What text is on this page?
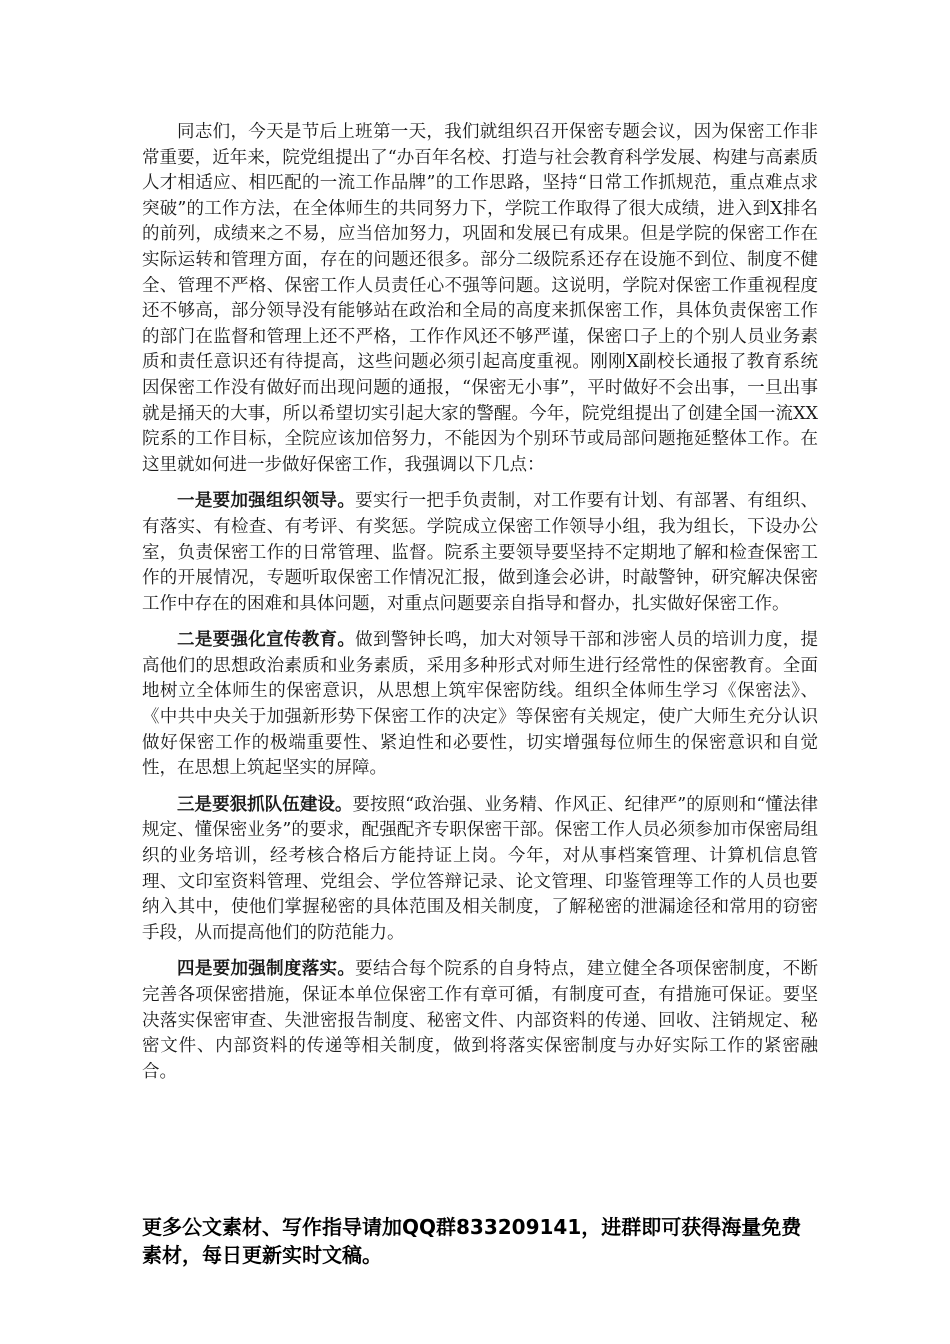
同志们，今天是节后上班第一天，我们就组织召开保密专题会议，因为保密工作非常重要，近年来，院党组提出了“办百年名校、打造与社会教育科学发展、构建与高素质人才相适应、相匹配的一流工作品牌”的工作思路，坚持“日常工作抓规范，重点难点求突破”的工作方法，在全体师生的共同努力下，学院工作取得了很大成绩，进入到X排名的前列，成绩来之不易，应当倍加努力，巩固和发展已有成果。但是学院的保密工作在实际运转和管理方面，存在的问题还很多。部分二级院系还存在设施不到位、制度不健全、管理不严格、保密工作人员责任心不强等问题。这说明，学院对保密工作重视程度还不够高，部分领导没有能够站在政治和全局的高度来抓保密工作，具体负责保密工作的部门在监督和管理上还不严格，工作作风还不够严谨，保密口子上的个别人员业务素质和责任意识还有待提高，这些问题必须引起高度重视。刚刚X副校长通报了教育系统因保密工作没有做好而出现问题的通报，“保密无小事”，平时做好不会出事，一旦出事就是捅天的大事，所以希望切实引起大家的警醒。今年，院党组提出了创建全国一流XX院系的工作目标，全院应该加倍努力，不能因为个别环节或局部问题拖延整体工作。在这里就如何进一步做好保密工作，我强调以下几点：

一是要加强组织领导。要实行一把手负责制，对工作要有计划、有部署、有组织、有落实、有检查、有考评、有奖惩。学院成立保密工作领导小组，我为组长，下设办公室，负责保密工作的日常管理、监督。院系主要领导要坚持不定期地了解和检查保密工作的开展情况，专题听取保密工作情况汇报，做到逢会必讲，时敲警钟，研究解决保密工作中存在的困难和具体问题，对重点问题要亲自指导和督办，扎实做好保密工作。

二是要强化宣传教育。做到警钟长鸣，加大对领导干部和涉密人员的培训力度，提高他们的思想政治素质和业务素质，采用多种形式对师生进行经常性的保密教育。全面地树立全体师生的保密意识，从思想上筑牢保密防线。组织全体师生学习《保密法》、《中共中央关于加强新形势下保密工作的决定》等保密有关规定，使广大师生充分认识做好保密工作的极端重要性、紧迫性和必要性，切实增强每位师生的保密意识和自觉性，在思想上筑起坚实的屏障。

三是要狠抓队伍建设。要按照“政治强、业务精、作风正、纪律严”的原则和“懂法律规定、懂保密业务”的要求，配强配齐专职保密干部。保密工作人员必须参加市保密局组织的业务培训，经考核合格后方能持证上岗。今年，对从事档案管理、计算机信息管理、文印室资料管理、党组会、学位答辩记录、论文管理、印鉴管理等工作的人员也要纳入其中，使他们掌握秘密的具体范围及相关制度，了解秘密的泄漏途径和常用的窃密手段，从而提高他们的防范能力。

四是要加强制度落实。要结合每个院系的自身特点，建立健全各项保密制度，不断完善各项保密措施，保证本单位保密工作有章可循，有制度可查，有措施可保证。要坚决落实保密审查、失泄密报告制度、秘密文件、内部资料的传递、回收、注销规定、秘密文件、内部资料的传递等相关制度，做到将落实保密制度与办好实际工作的紧密融合。

更多公文素材、写作指导请加QQ群833209141，进群即可获得海量免费素材，每日更新实时文稿。
